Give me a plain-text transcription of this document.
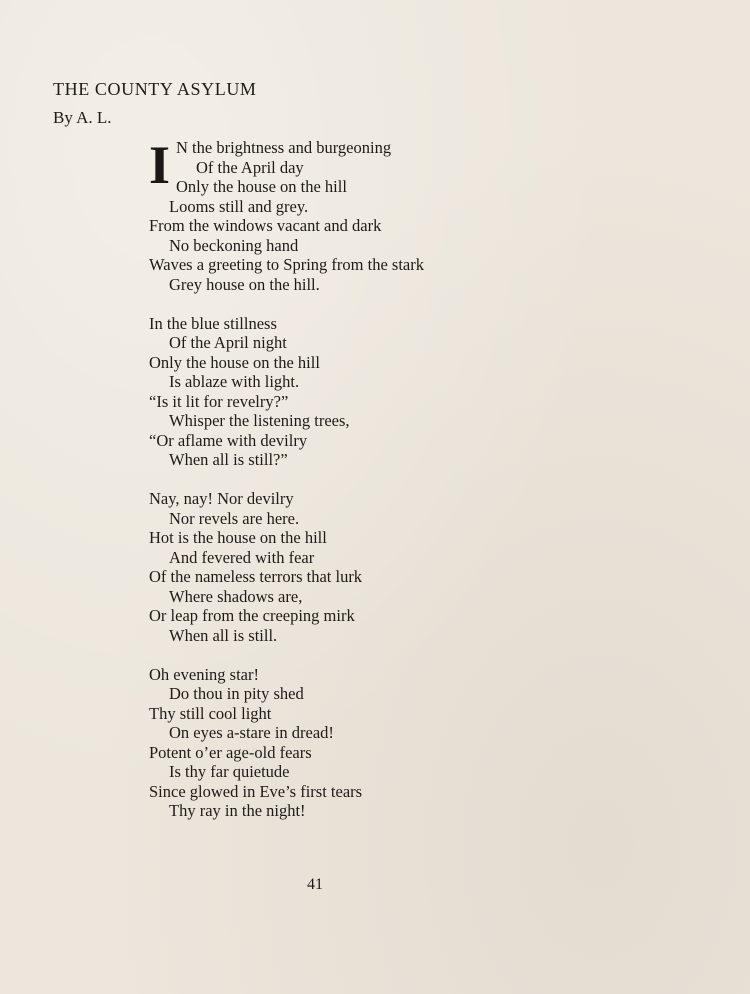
THE COUNTY ASYLUM
By A. L.
I N the brightness and burgeoning
Of the April day
Only the house on the hill
Looms still and grey.
From the windows vacant and dark
No beckoning hand
Waves a greeting to Spring from the stark
Grey house on the hill.
In the blue stillness
Of the April night
Only the house on the hill
Is ablaze with light.
“Is it lit for revelry?”
Whisper the listening trees,
“Or aflame with devilry
When all is still?”
Nay, nay! Nor devilry
Nor revels are here.
Hot is the house on the hill
And fevered with fear
Of the nameless terrors that lurk
Where shadows are,
Or leap from the creeping mirk
When all is still.
Oh evening star!
Do thou in pity shed
Thy still cool light
On eyes a-stare in dread!
Potent o’er age-old fears
Is thy far quietude
Since glowed in Eve’s first tears
Thy ray in the night!
41
